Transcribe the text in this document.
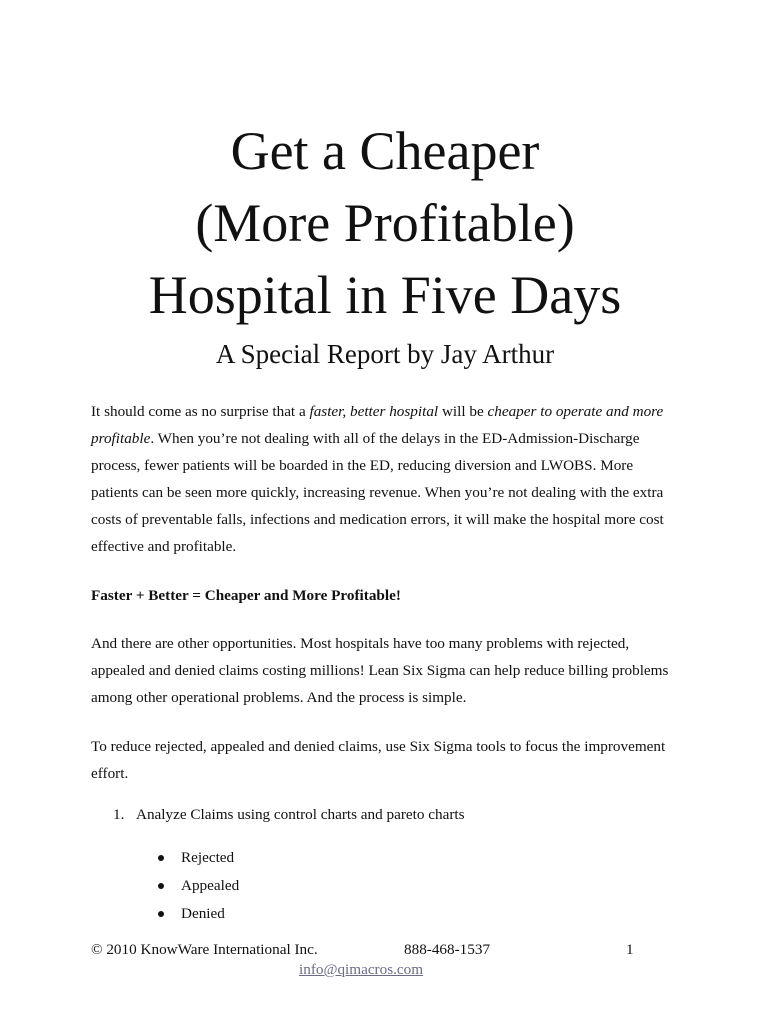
Get a Cheaper
(More Profitable)
Hospital in Five Days
A Special Report by Jay Arthur

It should come as no surprise that a faster, better hospital will be cheaper to operate and more profitable. When you’re not dealing with all of the delays in the ED-Admission-Discharge process, fewer patients will be boarded in the ED, reducing diversion and LWOBS. More patients can be seen more quickly, increasing revenue. When you’re not dealing with the extra costs of preventable falls, infections and medication errors, it will make the hospital more cost effective and profitable.

Faster + Better = Cheaper and More Profitable!

And there are other opportunities. Most hospitals have too many problems with rejected, appealed and denied claims costing millions! Lean Six Sigma can help reduce billing problems among other operational problems. And the process is simple.

To reduce rejected, appealed and denied claims, use Six Sigma tools to focus the improvement effort.

1. Analyze Claims using control charts and pareto charts

Rejected
Appealed
Denied
© 2010 KnowWare International Inc.	888-468-1537	1
info@qimacros.com
